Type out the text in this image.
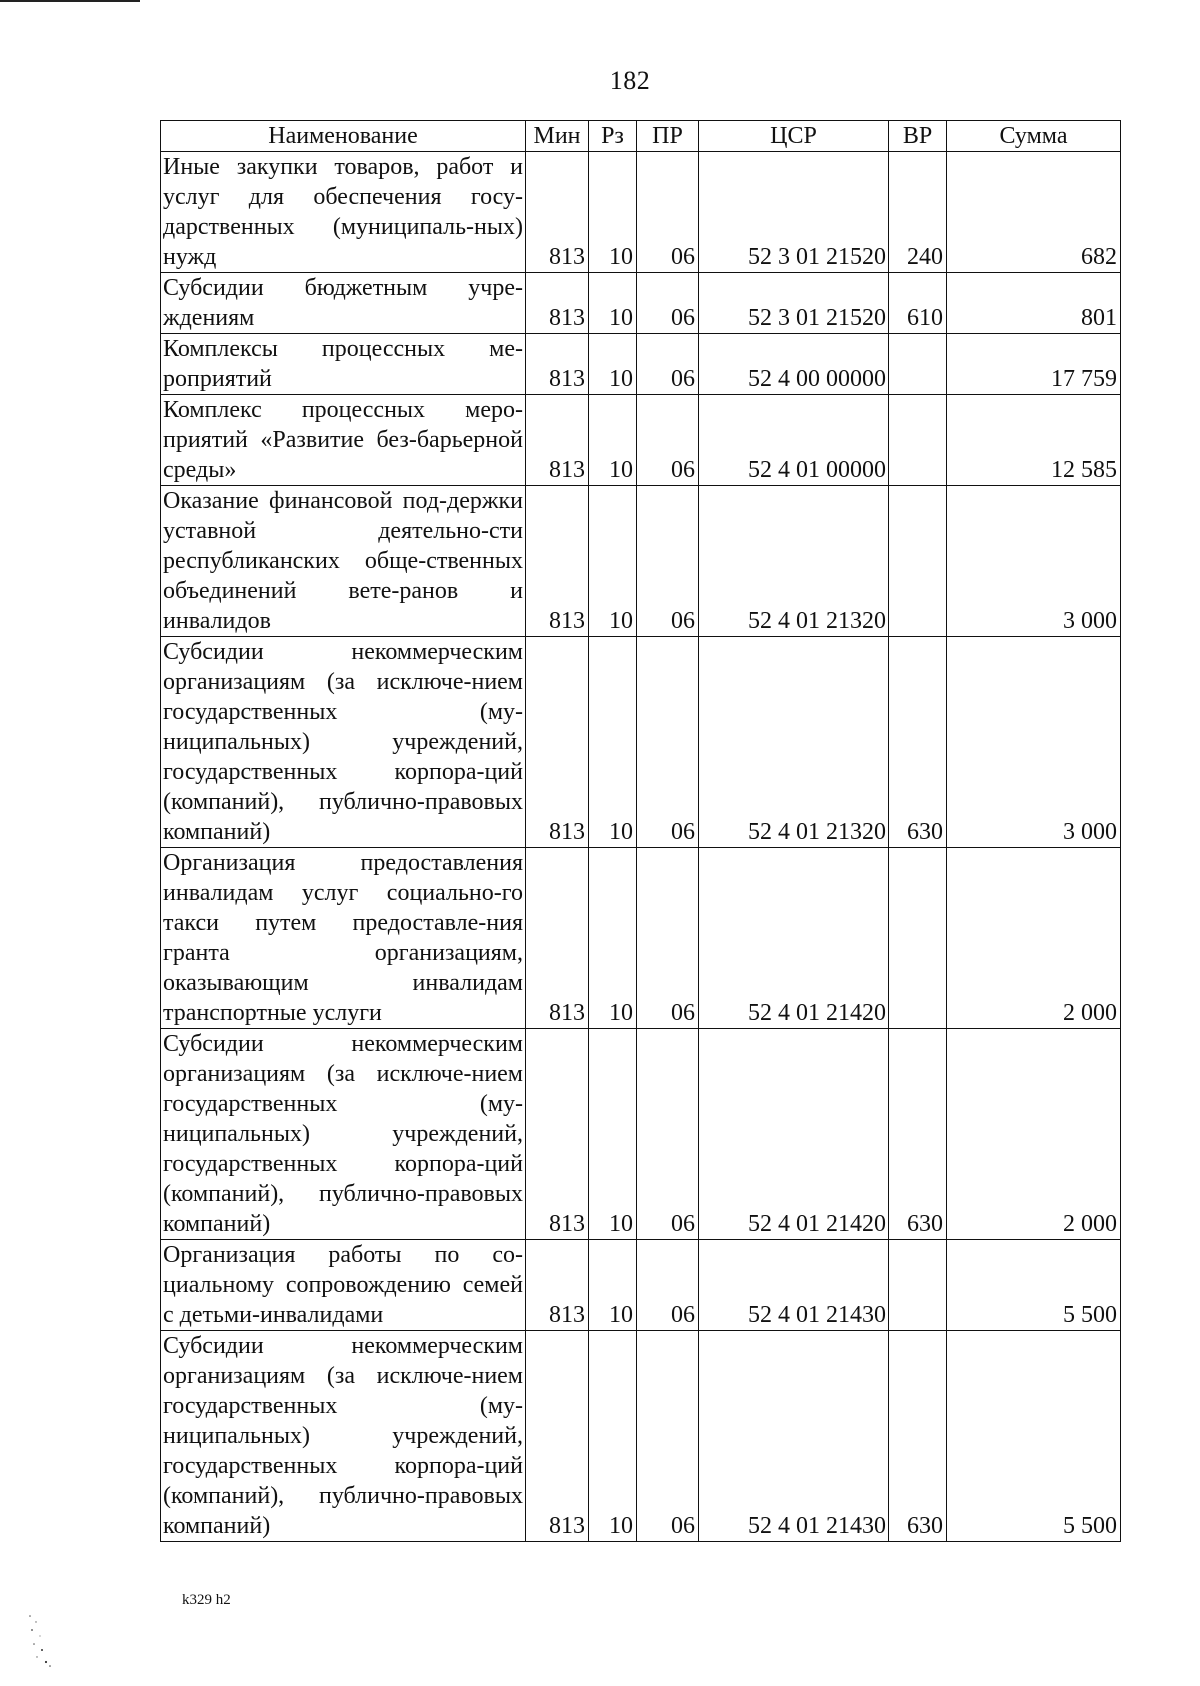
182
Наименование	Мин	Рз	ПР	ЦСР	ВР	Сумма
Иные закупки товаров, работ и услуг для обеспечения госу-дарственных (муниципаль-ных) нужд	813	10	06	52 3 01 21520	240	682
Субсидии бюджетным учре-ждениям	813	10	06	52 3 01 21520	610	801
Комплексы процессных ме-роприятий	813	10	06	52 4 00 00000		17 759
Комплекс процессных меро-приятий «Развитие без-барьерной среды»	813	10	06	52 4 01 00000		12 585
Оказание финансовой под-держки уставной деятельно-сти республиканских обще-ственных объединений вете-ранов и инвалидов	813	10	06	52 4 01 21320		3 000
Субсидии некоммерческим организациям (за исключе-нием государственных (му-ниципальных) учреждений, государственных корпора-ций (компаний), публично-правовых компаний)	813	10	06	52 4 01 21320	630	3 000
Организация предоставления инвалидам услуг социально-го такси путем предоставле-ния гранта организациям, оказывающим инвалидам транспортные услуги	813	10	06	52 4 01 21420		2 000
Субсидии некоммерческим организациям (за исключе-нием государственных (му-ниципальных) учреждений, государственных корпора-ций (компаний), публично-правовых компаний)	813	10	06	52 4 01 21420	630	2 000
Организация работы по со-циальному сопровождению семей с детьми-инвалидами	813	10	06	52 4 01 21430		5 500
Субсидии некоммерческим организациям (за исключе-нием государственных (му-ниципальных) учреждений, государственных корпора-ций (компаний), публично-правовых компаний)	813	10	06	52 4 01 21430	630	5 500
k329 h2
